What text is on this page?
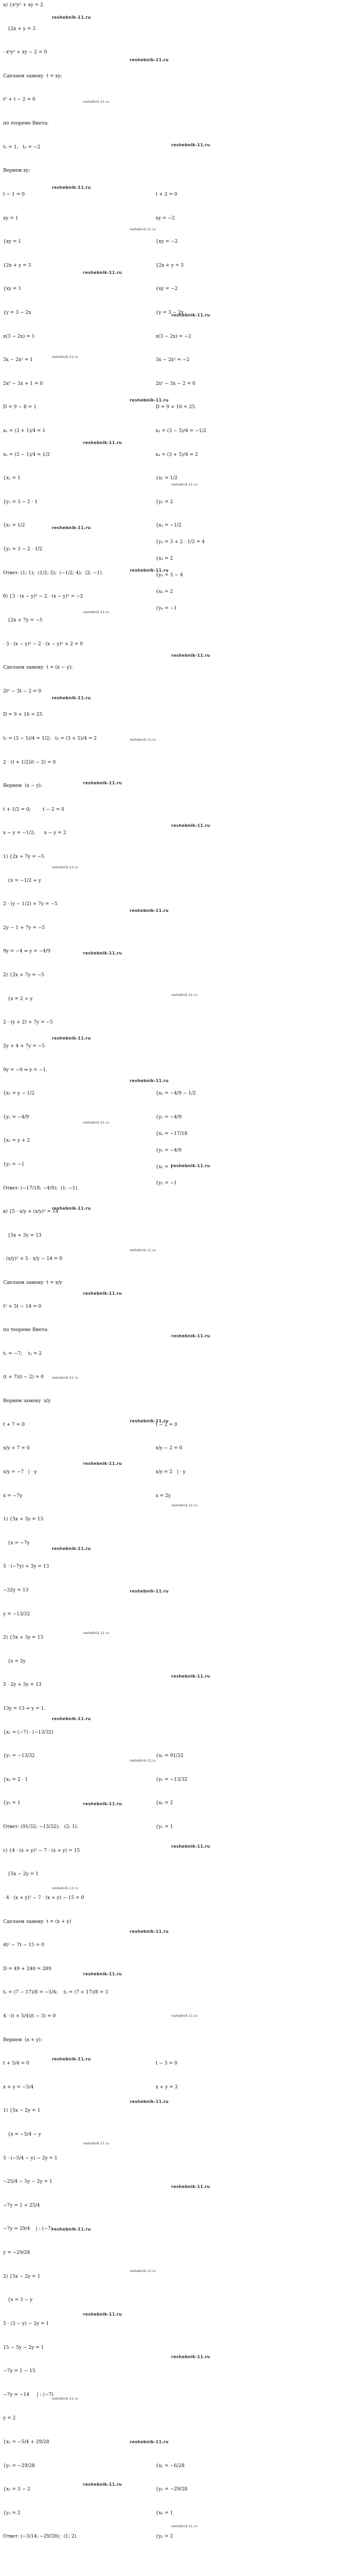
а) {x²y² + xy = 2
{2x + y = 3
· x²y² + xy − 2 = 0
Сделаем замену  t = xy;
t² + t − 2 = 0
по теореме Виета:
t₁ = 1;   t₂ = −2
Вернем xy:
t − 1 = 0
xy = 1
{xy = 1
{2x + y = 3
{xy = 1
{y = 3 − 2x
x(3 − 2x) = 1
3x − 2x² = 1
2x² − 3x + 1 = 0
D = 9 − 8 = 1
x₁ = (3 + 1)/4 = 1
x₂ = (3 − 1)/4 = 1/2
{x₁ = 1
{y₁ = 3 − 2 · 1
{x₂ = 1/2
{y₂ = 3 − 2 · 1/2
Ответ: (1; 1);  (1/2; 2);  (−1/2; 4);  (2; −1).
б) {3 · (x − y)² − 2 · (x − y)² = −2
{2x + 7y = −5
· 3 · (x − y)² − 2 · (x − y)² + 2 = 0
Сделаем замену  t = (x − y);
2t² − 3t − 2 = 0
D = 9 + 16 = 25
t₁ = (3 − 5)/4 = 1/2;   t₂ = (3 + 5)/4 = 2
2 · (t + 1/2)(t − 2) = 0
Вернем  (x − y):
t + 1/2 = 0;        t − 2 = 0
x − y = −1/2;      x − y = 2
1) {2x + 7y = −5
{x = −1/2 + y
2 · (y − 1/2) + 7y = −5
2y − 1 + 7y = −5
9y = −4 ⇒ y = −4/9
2) {2x + 7y = −5
{x = 2 + y
2 · (y + 2) + 7y = −5
2y + 4 + 7y = −5
9y = −9 ⇒ y = −1.
{x₁ = y − 1/2
{y₁ = −4/9
{x₂ = y + 2
{y₂ = −1
Ответ: (−17/18; −4/9);  (1; −1).
в) {5 · x/y + (x/y)² = 14
{5x + 3y = 13
· (x/y)² + 5 · x/y − 14 = 0
Сделаем замену  t = x/y
t² + 5t − 14 = 0
по теореме Виета:
t₁ = −7;    t₂ = 2
(t + 7)(t − 2) = 0
Вернем замену  x/y
t + 7 = 0
x/y + 7 = 0
x/y = −7   | · y
x = −7y
1) {5x + 3y = 13
{x = −7y
5 · (−7y) + 3y = 13
−32y = 13
y = −13/32
2) {5x + 3y = 13
{x = 2y
5 · 2y + 3y = 13
13y = 13 ⇒ y = 1.
{x₁ = (−7) · (−13/32)
{y₁ = −13/32
{x₂ = 2 · 1
{y₂ = 1
Ответ: (91/32; −13/32);   (2; 1).
г) {4 · (x + y)² − 7 · (x + y) = 15
{5x − 2y = 1
· 4 · (x + y)² − 7 · (x + y) − 15 = 0
Сделаем замену  t = (x + y)
4t² − 7t − 15 = 0
D = 49 + 240 = 289
t₁ = (7 − 17)/8 = −5/4;    t₂ = (7 + 17)/8 = 3
4 · (t + 5/4)(t − 3) = 0
Вернем  (x + y):
t + 5/4 = 0
x + y = −5/4
1) {5x − 2y = 1
{x = −5/4 − y
5 · (−5/4 − y) − 2y = 1
−25/4 − 5y − 2y = 1
−7y = 1 + 25/4
−7y = 29/4    | : (−7)
y = −29/28
2) {5x − 2y = 1
{x = 3 − y
5 · (3 − y) − 2y = 1
15 − 5y − 2y = 1
−7y = 1 − 15
−7y = −14     | : (−7)
y = 2
{x₁ = −5/4 + 29/28
{y₁ = −29/28
{x₂ = 3 − 2
{y₂ = 2
Ответ: (−3/14; −29/28);  (1; 2).
t + 2 = 0
xy = −2
{xy = −2
{2x + y = 3
{xy = −2
{y = 3 − 2x
x(3 − 2x) = −2
3x − 2x² = −2
2x² − 3x − 2 = 0
D = 9 + 16 = 25
x₃ = (3 − 5)/4 = −1/2
x₄ = (3 + 5)/4 = 2
{x₂ = 1/2
{y₂ = 2
{x₃ = −1/2
{y₃ = 3 + 2 · 1/2 = 4
{x₄ = 2
{y₄ = 3 − 4
{x₄ = 2
{y₄ = −1
{x₁ = −4/9 − 1/2
{y₁ = −4/9
{x₁ = −17/18
{y₁ = −4/9
{x₂ = 1
{y₂ = −1
t − 2 = 0
x/y − 2 = 0
x/y = 2   | · y
x = 2y
{x₁ = 91/32
{y₁ = −13/32
{x₂ = 2
{y₂ = 1
t − 3 = 0
x + y = 3
{x₁ = −6/28
{y₁ = −29/28
{x₂ = 1
{y₂ = 2
reshebnik-11.ru
reshebnik-11.ru
reshebnik-11.ru
reshebnik-11.ru
reshebnik-11.ru
reshebnik-11.ru
reshebnik-11.ru
reshebnik-11.ru
reshebnik-11.ru
reshebnik-11.ru
reshebnik-11.ru
reshebnik-11.ru
reshebnik-11.ru
reshebnik-11.ru
reshebnik-11.ru
reshebnik-11.ru
reshebnik-11.ru
reshebnik-11.ru
reshebnik-11.ru
reshebnik-11.ru
reshebnik-11.ru
reshebnik-11.ru
reshebnik-11.ru
reshebnik-11.ru
reshebnik-11.ru
reshebnik-11.ru
reshebnik-11.ru
reshebnik-11.ru
reshebnik-11.ru
reshebnik-11.ru
reshebnik-11.ru
reshebnik-11.ru
reshebnik-11.ru
reshebnik-11.ru
reshebnik-11.ru
reshebnik-11.ru
reshebnik-11.ru
reshebnik-11.ru
reshebnik-11.ru
reshebnik-11.ru
reshebnik-11.ru
reshebnik-11.ru
reshebnik-11.ru
reshebnik-11.ru
reshebnik-11.ru
reshebnik-11.ru
reshebnik-11.ru
reshebnik-11.ru
reshebnik-11.ru
reshebnik-11.ru
reshebnik-11.ru
reshebnik-11.ru
reshebnik-11.ru
reshebnik-11.ru
reshebnik-11.ru
reshebnik-11.ru
reshebnik-11.ru
reshebnik-11.ru
reshebnik-11.ru
reshebnik-11.ru
